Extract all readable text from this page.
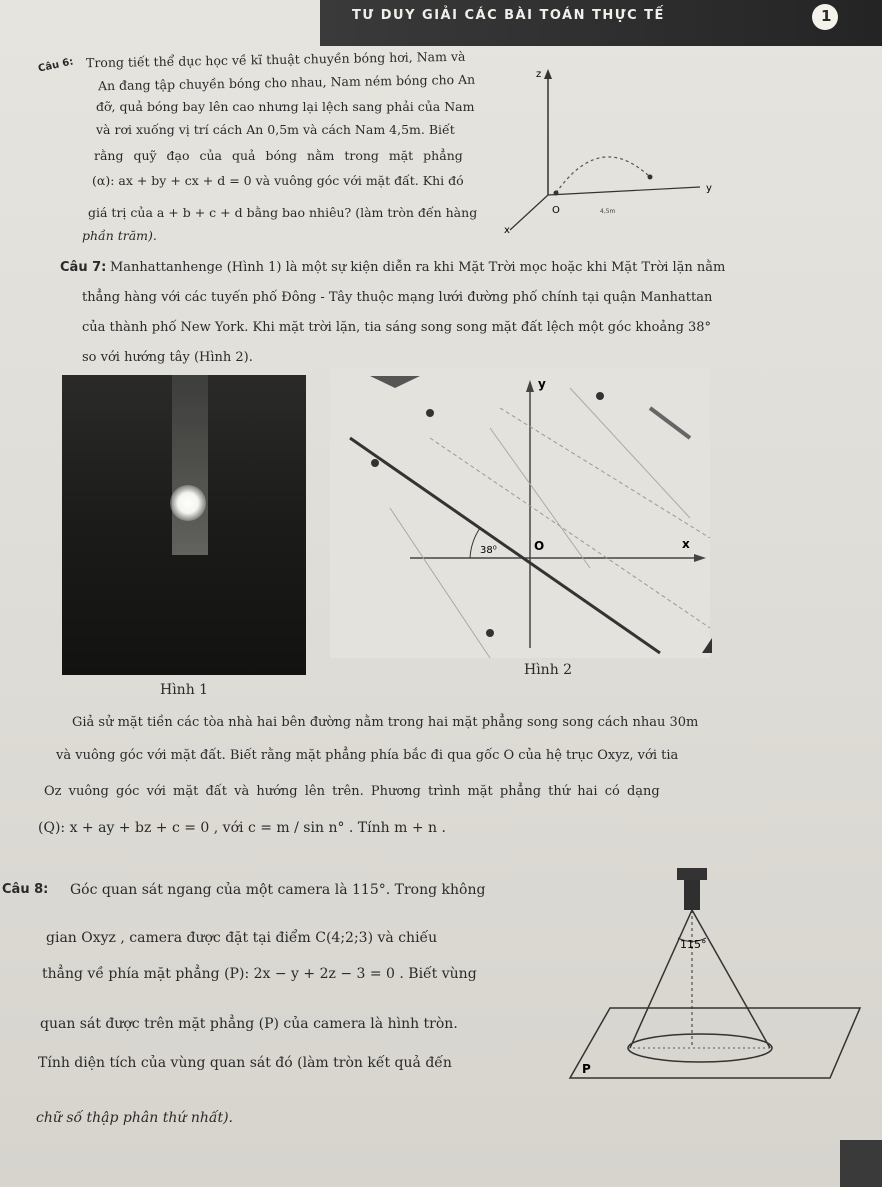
TƯ DUY GIẢI CÁC BÀI TOÁN THỰC TẾ	1
Câu 6: Trong tiết thể dục học về kĩ thuật chuyền bóng hơi, Nam và
An đang tập chuyền bóng cho nhau, Nam ném bóng cho An
đỡ, quả bóng bay lên cao nhưng lại lệch sang phải của Nam
và rơi xuống vị trí cách An 0,5m và cách Nam 4,5m. Biết
rằng quỹ đạo của quả bóng nằm trong mặt phẳng
(α): ax + by + cx + d = 0 và vuông góc với mặt đất. Khi đó
giá trị của a + b + c + d bằng bao nhiêu? (làm tròn đến hàng
phần trăm).
z
y
x
O	4,5m
Câu 7: Manhattanhenge (Hình 1) là một sự kiện diễn ra khi Mặt Trời mọc hoặc khi Mặt Trời lặn nằm
thẳng hàng với các tuyến phố Đông - Tây thuộc mạng lưới đường phố chính tại quận Manhattan
của thành phố New York. Khi mặt trời lặn, tia sáng song song mặt đất lệch một góc khoảng 38°
so với hướng tây (Hình 2).
Hình 1
y
x
O
38⁰
Hình 2
Giả sử mặt tiền các tòa nhà hai bên đường nằm trong hai mặt phẳng song song cách nhau 30m
và vuông góc với mặt đất. Biết rằng mặt phẳng phía bắc đi qua gốc O của hệ trục Oxyz, với tia
Oz vuông góc với mặt đất và hướng lên trên. Phương trình mặt phẳng thứ hai có dạng
(Q): x + ay + bz + c = 0 , với c = m / sin n° . Tính m + n .
Câu 8: Góc quan sát ngang của một camera là 115°. Trong không
gian Oxyz , camera được đặt tại điểm C(4;2;3) và chiếu
thẳng về phía mặt phẳng (P): 2x − y + 2z − 3 = 0 . Biết vùng
quan sát được trên mặt phẳng (P) của camera là hình tròn.
Tính diện tích của vùng quan sát đó (làm tròn kết quả đến
chữ số thập phân thứ nhất).
115°
P
